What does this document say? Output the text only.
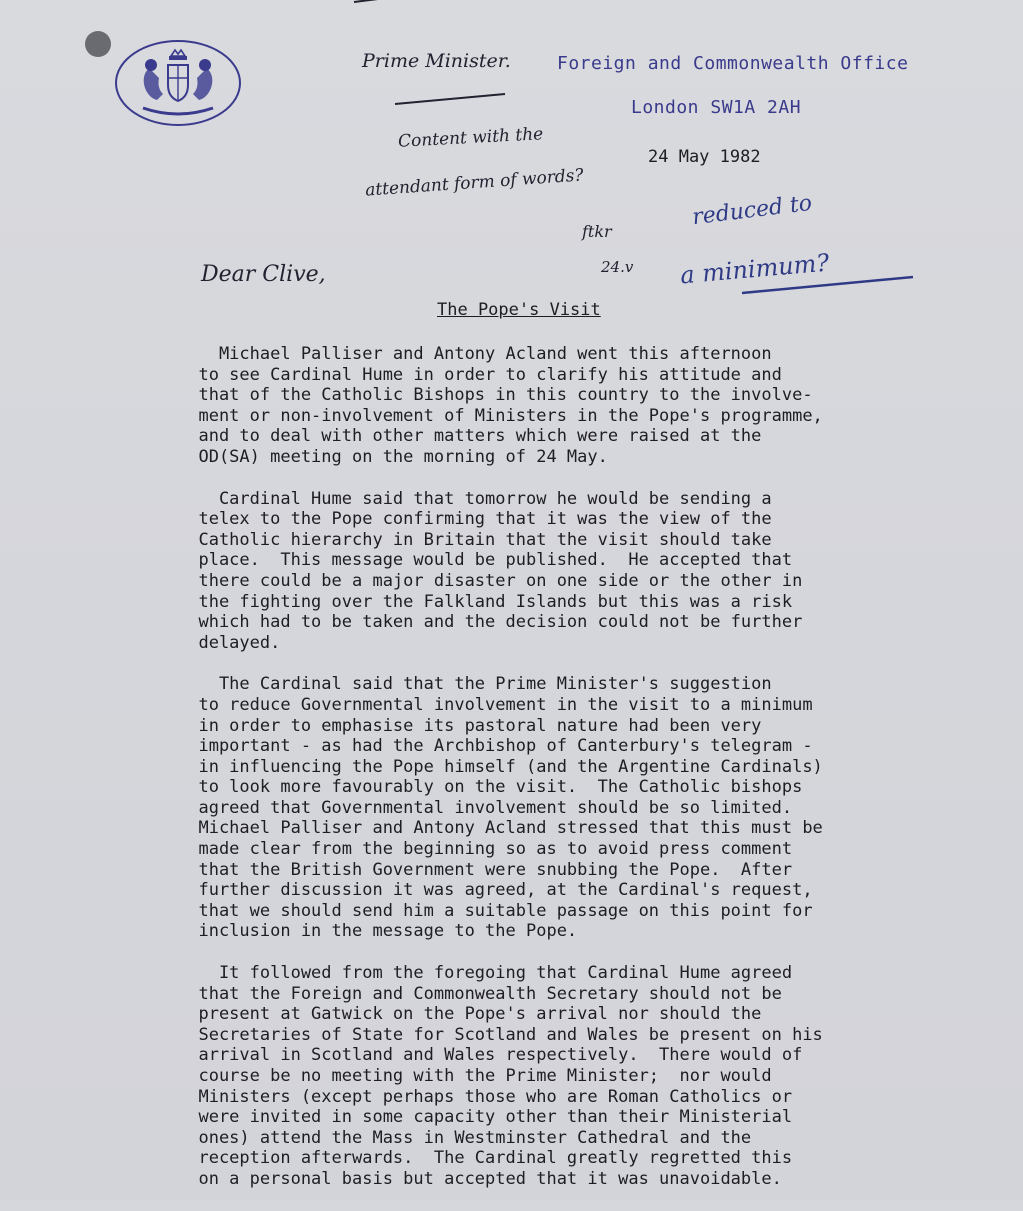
Foreign and Commonwealth Office
London SW1A 2AH
24 May 1982
Prime Minister.
Content with the
attendant form of words?
ftkr
24.v
reduced to
a minimum?
Dear Clive,
The Pope's Visit

Michael Palliser and Antony Acland went this afternoon
to see Cardinal Hume in order to clarify his attitude and
that of the Catholic Bishops in this country to the involve-
ment or non-involvement of Ministers in the Pope's programme,
and to deal with other matters which were raised at the
OD(SA) meeting on the morning of 24 May.

Cardinal Hume said that tomorrow he would be sending a
telex to the Pope confirming that it was the view of the
Catholic hierarchy in Britain that the visit should take
place.  This message would be published.  He accepted that
there could be a major disaster on one side or the other in
the fighting over the Falkland Islands but this was a risk
which had to be taken and the decision could not be further
delayed.

The Cardinal said that the Prime Minister's suggestion
to reduce Governmental involvement in the visit to a minimum
in order to emphasise its pastoral nature had been very
important - as had the Archbishop of Canterbury's telegram -
in influencing the Pope himself (and the Argentine Cardinals)
to look more favourably on the visit.  The Catholic bishops
agreed that Governmental involvement should be so limited.
Michael Palliser and Antony Acland stressed that this must be
made clear from the beginning so as to avoid press comment
that the British Government were snubbing the Pope.  After
further discussion it was agreed, at the Cardinal's request,
that we should send him a suitable passage on this point for
inclusion in the message to the Pope.

It followed from the foregoing that Cardinal Hume agreed
that the Foreign and Commonwealth Secretary should not be
present at Gatwick on the Pope's arrival nor should the
Secretaries of State for Scotland and Wales be present on his
arrival in Scotland and Wales respectively.  There would of
course be no meeting with the Prime Minister;  nor would
Ministers (except perhaps those who are Roman Catholics or
were invited in some capacity other than their Ministerial
ones) attend the Mass in Westminster Cathedral and the
reception afterwards.  The Cardinal greatly regretted this
on a personal basis but accepted that it was unavoidable.
